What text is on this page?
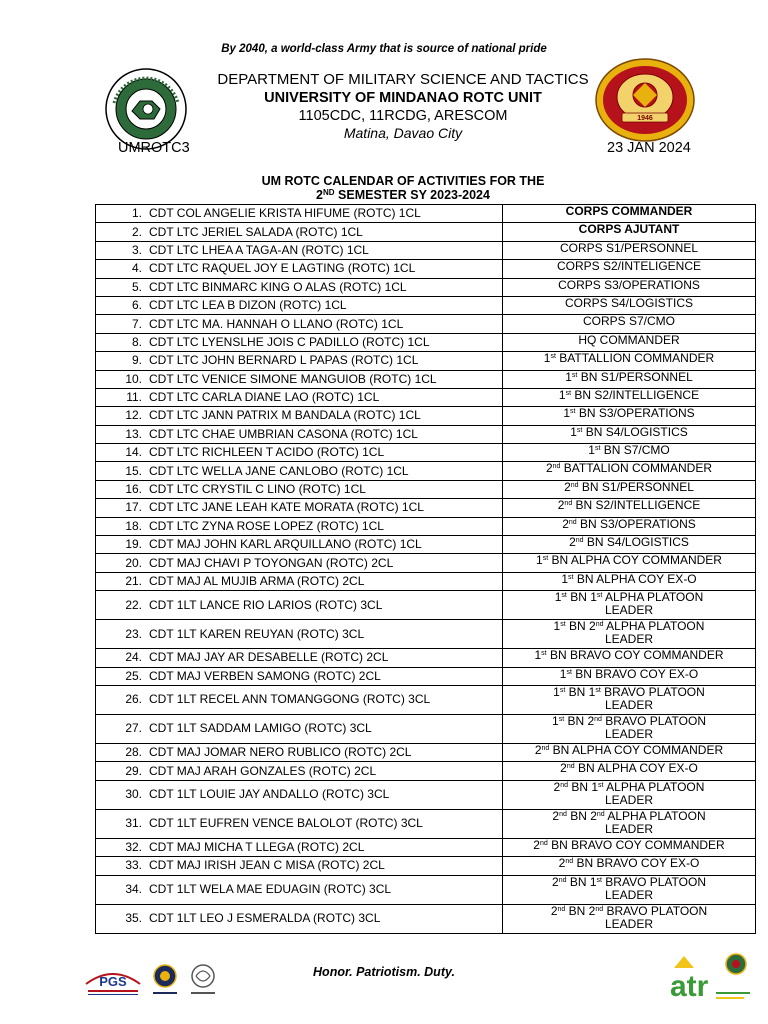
By 2040, a world-class Army that is source of national pride
1946
DEPARTMENT OF MILITARY SCIENCE AND TACTICS
UNIVERSITY OF MINDANAO ROTC UNIT
1105CDC, 11RCDG, ARESCOM
Matina, Davao City
UMROTC3	23 JAN 2024
UM ROTC CALENDAR OF ACTIVITIES FOR THE
2ND SEMESTER SY 2023-2024
1. CDT COL ANGELIE KRISTA HIFUME (ROTC) 1CL	CORPS COMMANDER

2. CDT LTC JERIEL SALADA (ROTC) 1CL	CORPS AJUTANT

3. CDT LTC LHEA A TAGA-AN (ROTC) 1CL	CORPS S1/PERSONNEL

4. CDT LTC RAQUEL JOY E LAGTING (ROTC) 1CL	CORPS S2/INTELIGENCE

5. CDT LTC BINMARC KING O ALAS (ROTC) 1CL	CORPS S3/OPERATIONS

6. CDT LTC LEA B DIZON (ROTC) 1CL	CORPS S4/LOGISTICS

7. CDT LTC MA. HANNAH O LLANO (ROTC) 1CL	CORPS S7/CMO

8. CDT LTC LYENSLHE JOIS C PADILLO (ROTC) 1CL	HQ COMMANDER

9. CDT LTC JOHN BERNARD L PAPAS (ROTC) 1CL	1st BATTALLION COMMANDER

10. CDT LTC VENICE SIMONE MANGUIOB (ROTC) 1CL	1st BN S1/PERSONNEL

11. CDT LTC CARLA DIANE LAO (ROTC) 1CL	1st BN S2/INTELLIGENCE

12. CDT LTC JANN PATRIX M BANDALA (ROTC) 1CL	1st BN S3/OPERATIONS

13. CDT LTC CHAE UMBRIAN CASONA (ROTC) 1CL	1st BN S4/LOGISTICS

14. CDT LTC RICHLEEN T ACIDO (ROTC) 1CL	1st BN S7/CMO

15. CDT LTC WELLA JANE CANLOBO (ROTC) 1CL	2nd BATTALION COMMANDER

16. CDT LTC CRYSTIL C LINO (ROTC) 1CL	2nd BN S1/PERSONNEL

17. CDT LTC JANE LEAH KATE MORATA (ROTC) 1CL	2nd BN S2/INTELLIGENCE

18. CDT LTC ZYNA ROSE LOPEZ (ROTC) 1CL	2nd BN S3/OPERATIONS

19. CDT MAJ JOHN KARL ARQUILLANO (ROTC) 1CL	2nd BN S4/LOGISTICS

20. CDT MAJ CHAVI P TOYONGAN (ROTC) 2CL	1st BN ALPHA COY COMMANDER

21. CDT MAJ AL MUJIB ARMA (ROTC) 2CL	1st BN ALPHA COY EX-O

22. CDT 1LT LANCE RIO LARIOS (ROTC) 3CL	1st BN 1st ALPHA PLATOON
LEADER

23. CDT 1LT KAREN REUYAN (ROTC) 3CL	1st BN 2nd ALPHA PLATOON
LEADER

24. CDT MAJ JAY AR DESABELLE (ROTC) 2CL	1st BN BRAVO COY COMMANDER

25. CDT MAJ VERBEN SAMONG (ROTC) 2CL	1st BN BRAVO COY EX-O

26. CDT 1LT RECEL ANN TOMANGGONG (ROTC) 3CL	1st BN 1st BRAVO PLATOON
LEADER

27. CDT 1LT SADDAM LAMIGO (ROTC) 3CL	1st BN 2nd BRAVO PLATOON
LEADER

28. CDT MAJ JOMAR NERO RUBLICO (ROTC) 2CL	2nd BN ALPHA COY COMMANDER

29. CDT MAJ ARAH GONZALES (ROTC) 2CL	2nd BN ALPHA COY EX-O

30. CDT 1LT LOUIE JAY ANDALLO (ROTC) 3CL	2nd BN 1st ALPHA PLATOON
LEADER

31. CDT 1LT EUFREN VENCE BALOLOT (ROTC) 3CL	2nd BN 2nd ALPHA PLATOON
LEADER

32. CDT MAJ MICHA T LLEGA (ROTC) 2CL	2nd BN BRAVO COY COMMANDER

33. CDT MAJ IRISH JEAN C MISA (ROTC) 2CL	2nd BN BRAVO COY EX-O

34. CDT 1LT WELA MAE EDUAGIN (ROTC) 3CL	2nd BN 1st BRAVO PLATOON
LEADER

35. CDT 1LT LEO J ESMERALDA (ROTC) 3CL	2nd BN 2nd BRAVO PLATOON
LEADER
Honor. Patriotism. Duty.
PGS	atr
